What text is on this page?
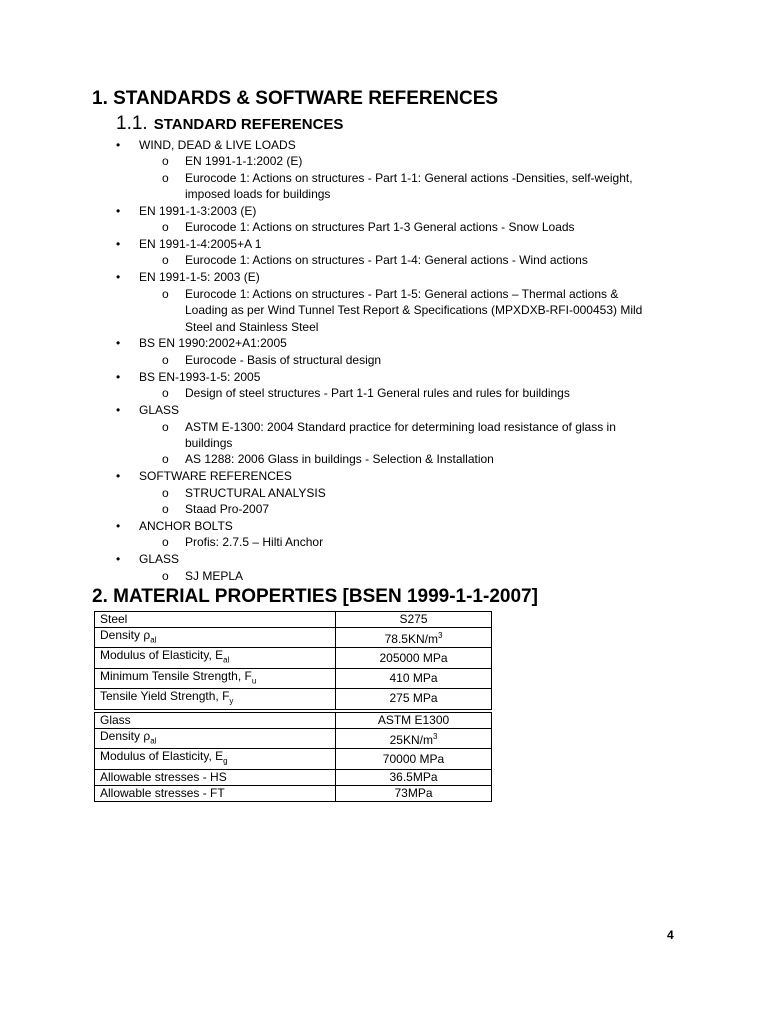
1. STANDARDS & SOFTWARE REFERENCES
1.1. STANDARD REFERENCES
• WIND, DEAD & LIVE LOADS
o EN 1991-1-1:2002 (E)
o Eurocode 1: Actions on structures - Part 1-1: General actions -Densities, self-weight,
imposed loads for buildings
• EN 1991-1-3:2003 (E)
o Eurocode 1: Actions on structures Part 1-3 General actions - Snow Loads
• EN 1991-1-4:2005+A 1
o Eurocode 1: Actions on structures - Part 1-4: General actions - Wind actions
• EN 1991-1-5: 2003 (E)
o Eurocode 1: Actions on structures - Part 1-5: General actions – Thermal actions &
Loading as per Wind Tunnel Test Report & Specifications (MPXDXB-RFI-000453) Mild
Steel and Stainless Steel
• BS EN 1990:2002+A1:2005
o Eurocode - Basis of structural design
• BS EN-1993-1-5: 2005
o Design of steel structures - Part 1-1 General rules and rules for buildings
• GLASS
o ASTM E-1300: 2004 Standard practice for determining load resistance of glass in
buildings
o AS 1288: 2006 Glass in buildings - Selection & Installation
• SOFTWARE REFERENCES
o STRUCTURAL ANALYSIS
o Staad Pro-2007
• ANCHOR BOLTS
o Profis: 2.7.5 – Hilti Anchor
• GLASS
o SJ MEPLA
2. MATERIAL PROPERTIES [BSEN 1999-1-1-2007]
Steel	S275
Density $\rho_{al}$	$78.5KN/m^3$
Modulus of Elasticity, $E_{al}$	205000 MPa
Minimum Tensile Strength, $F_u$	410 MPa
Tensile Yield Strength, $F_y$	275 MPa
Glass	ASTM E1300
Density $\rho_{al}$	$25KN/m^3$
Modulus of Elasticity, $E_g$	70000 MPa
Allowable stresses - HS	36.5MPa
Allowable stresses - FT	73MPa
4
